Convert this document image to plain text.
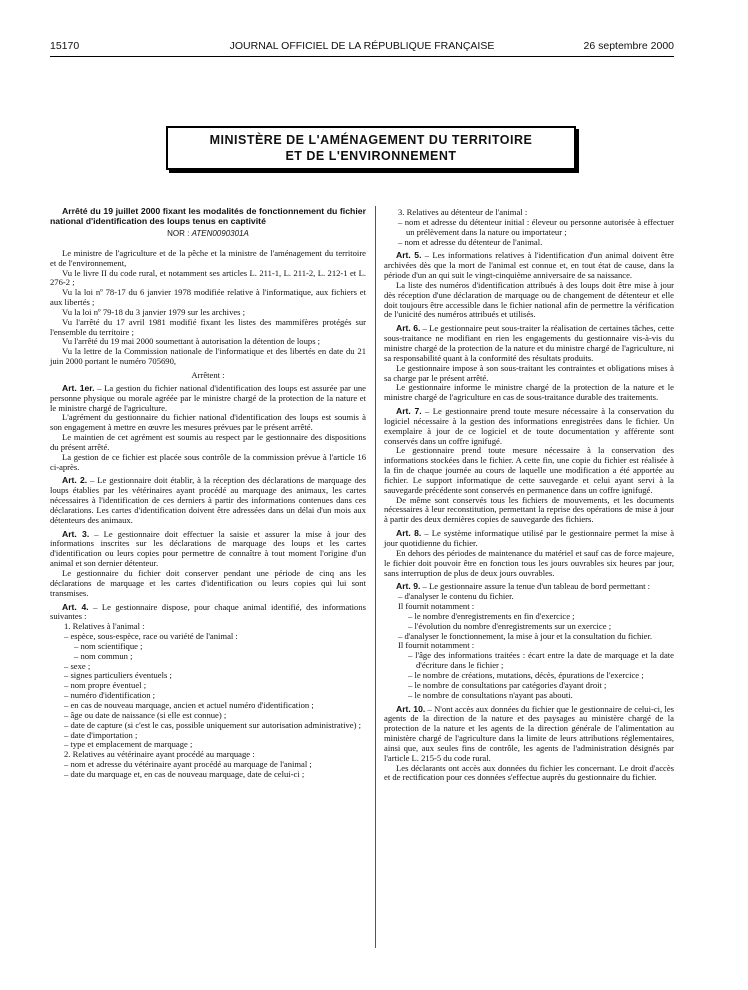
15170	JOURNAL OFFICIEL DE LA RÉPUBLIQUE FRANÇAISE	26 septembre 2000
MINISTÈRE DE L'AMÉNAGEMENT DU TERRITOIRE
ET DE L'ENVIRONNEMENT

Arrêté du 19 juillet 2000 fixant les modalités de fonctionnement du fichier national d'identification des loups tenus en captivité

NOR : ATEN0090301A

Le ministre de l'agriculture et de la pêche et la ministre de l'aménagement du territoire et de l'environnement,

Vu le livre II du code rural, et notamment ses articles L. 211-1, L. 211-2, L. 212-1 et L. 276-2 ;

Vu la loi nº 78-17 du 6 janvier 1978 modifiée relative à l'informatique, aux fichiers et aux libertés ;

Vu la loi nº 79-18 du 3 janvier 1979 sur les archives ;

Vu l'arrêté du 17 avril 1981 modifié fixant les listes des mammifères protégés sur l'ensemble du territoire ;

Vu l'arrêté du 19 mai 2000 soumettant à autorisation la détention de loups ;

Vu la lettre de la Commission nationale de l'informatique et des libertés en date du 21 juin 2000 portant le numéro 705690,

Arrêtent :

Art. 1er. – La gestion du fichier national d'identification des loups est assurée par une personne physique ou morale agréée par le ministre chargé de la protection de la nature et le ministre chargé de l'agriculture.

L'agrément du gestionnaire du fichier national d'identification des loups est soumis à son engagement à mettre en œuvre les mesures prévues par le présent arrêté.

Le maintien de cet agrément est soumis au respect par le gestionnaire des dispositions du présent arrêté.

La gestion de ce fichier est placée sous contrôle de la commission prévue à l'article 16 ci-après.

Art. 2. – Le gestionnaire doit établir, à la réception des déclarations de marquage des loups établies par les vétérinaires ayant procédé au marquage des animaux, les cartes nécessaires à l'identification de ces derniers à partir des informations contenues dans ces déclarations. Les cartes d'identification doivent être adressées dans un délai d'un mois aux détenteurs des animaux.

Art. 3. – Le gestionnaire doit effectuer la saisie et assurer la mise à jour des informations inscrites sur les déclarations de marquage des loups et les cartes d'identification ou leurs copies pour permettre de connaître à tout moment l'origine d'un animal et son dernier détenteur.

Le gestionnaire du fichier doit conserver pendant une période de cinq ans les déclarations de marquage et les cartes d'identification ou leurs copies qui lui sont transmises.

Art. 4. – Le gestionnaire dispose, pour chaque animal identifié, des informations suivantes :

1. Relatives à l'animal :

– espèce, sous-espèce, race ou variété de l'animal :

– nom scientifique ;

– nom commun ;

– sexe ;

– signes particuliers éventuels ;

– nom propre éventuel ;

– numéro d'identification ;

– en cas de nouveau marquage, ancien et actuel numéro d'identification ;

– âge ou date de naissance (si elle est connue) ;

– date de capture (si c'est le cas, possible uniquement sur autorisation administrative) ;

– date d'importation ;

– type et emplacement de marquage ;

2. Relatives au vétérinaire ayant procédé au marquage :

– nom et adresse du vétérinaire ayant procédé au marquage de l'animal ;

– date du marquage et, en cas de nouveau marquage, date de celui-ci ;

3. Relatives au détenteur de l'animal :

– nom et adresse du détenteur initial : éleveur ou personne autorisée à effectuer un prélèvement dans la nature ou importateur ;

– nom et adresse du détenteur de l'animal.

Art. 5. – Les informations relatives à l'identification d'un animal doivent être archivées dès que la mort de l'animal est connue et, en tout état de cause, dans la période d'un an qui suit le vingt-cinquième anniversaire de sa naissance.

La liste des numéros d'identification attribués à des loups doit être mise à jour dès réception d'une déclaration de marquage ou de changement de détenteur et elle doit toujours être accessible dans le fichier national afin de permettre la vérification de l'unicité des numéros attribués et utilisés.

Art. 6. – Le gestionnaire peut sous-traiter la réalisation de certaines tâches, cette sous-traitance ne modifiant en rien les engagements du gestionnaire vis-à-vis du ministre chargé de la protection de la nature et du ministre chargé de l'agriculture, ni sa responsabilité quant à la conformité des résultats produits.

Le gestionnaire impose à son sous-traitant les contraintes et obligations mises à sa charge par le présent arrêté.

Le gestionnaire informe le ministre chargé de la protection de la nature et le ministre chargé de l'agriculture en cas de sous-traitance durable des traitements.

Art. 7. – Le gestionnaire prend toute mesure nécessaire à la conservation du logiciel nécessaire à la gestion des informations enregistrées dans le fichier. Un exemplaire à jour de ce logiciel et de toute documentation y afférente sont conservés dans un coffre ignifugé.

Le gestionnaire prend toute mesure nécessaire à la conservation des informations stockées dans le fichier. A cette fin, une copie du fichier est réalisée à la fin de chaque journée au cours de laquelle une modification a été apportée au fichier. Le support informatique de cette sauvegarde et celui ayant servi à la sauvegarde précédente sont conservés en permanence dans un coffre ignifugé.

De même sont conservés tous les fichiers de mouvements, et les documents nécessaires à leur reconstitution, permettant la reprise des opérations de mise à jour à partir des deux dernières copies de sauvegarde des fichiers.

Art. 8. – Le système informatique utilisé par le gestionnaire permet la mise à jour quotidienne du fichier.

En dehors des périodes de maintenance du matériel et sauf cas de force majeure, le fichier doit pouvoir être en fonction tous les jours ouvrables six heures par jour, sans interruption de plus de deux jours ouvrables.

Art. 9. – Le gestionnaire assure la tenue d'un tableau de bord permettant :

– d'analyser le contenu du fichier.

Il fournit notamment :

– le nombre d'enregistrements en fin d'exercice ;

– l'évolution du nombre d'enregistrements sur un exercice ;

– d'analyser le fonctionnement, la mise à jour et la consultation du fichier.

Il fournit notamment :

– l'âge des informations traitées : écart entre la date de marquage et la date d'écriture dans le fichier ;

– le nombre de créations, mutations, décès, épurations de l'exercice ;

– le nombre de consultations par catégories d'ayant droit ;

– le nombre de consultations n'ayant pas abouti.

Art. 10. – N'ont accès aux données du fichier que le gestionnaire de celui-ci, les agents de la direction de la nature et des paysages au ministère chargé de la protection de la nature et les agents de la direction générale de l'alimentation au ministère chargé de l'agriculture dans la limite de leurs attributions réglementaires, ainsi que, aux seules fins de contrôle, les agents de l'administration désignés par l'article L. 215-5 du code rural.

Les déclarants ont accès aux données du fichier les concernant. Le droit d'accès et de rectification pour ces données s'effectue auprès du gestionnaire du fichier.
